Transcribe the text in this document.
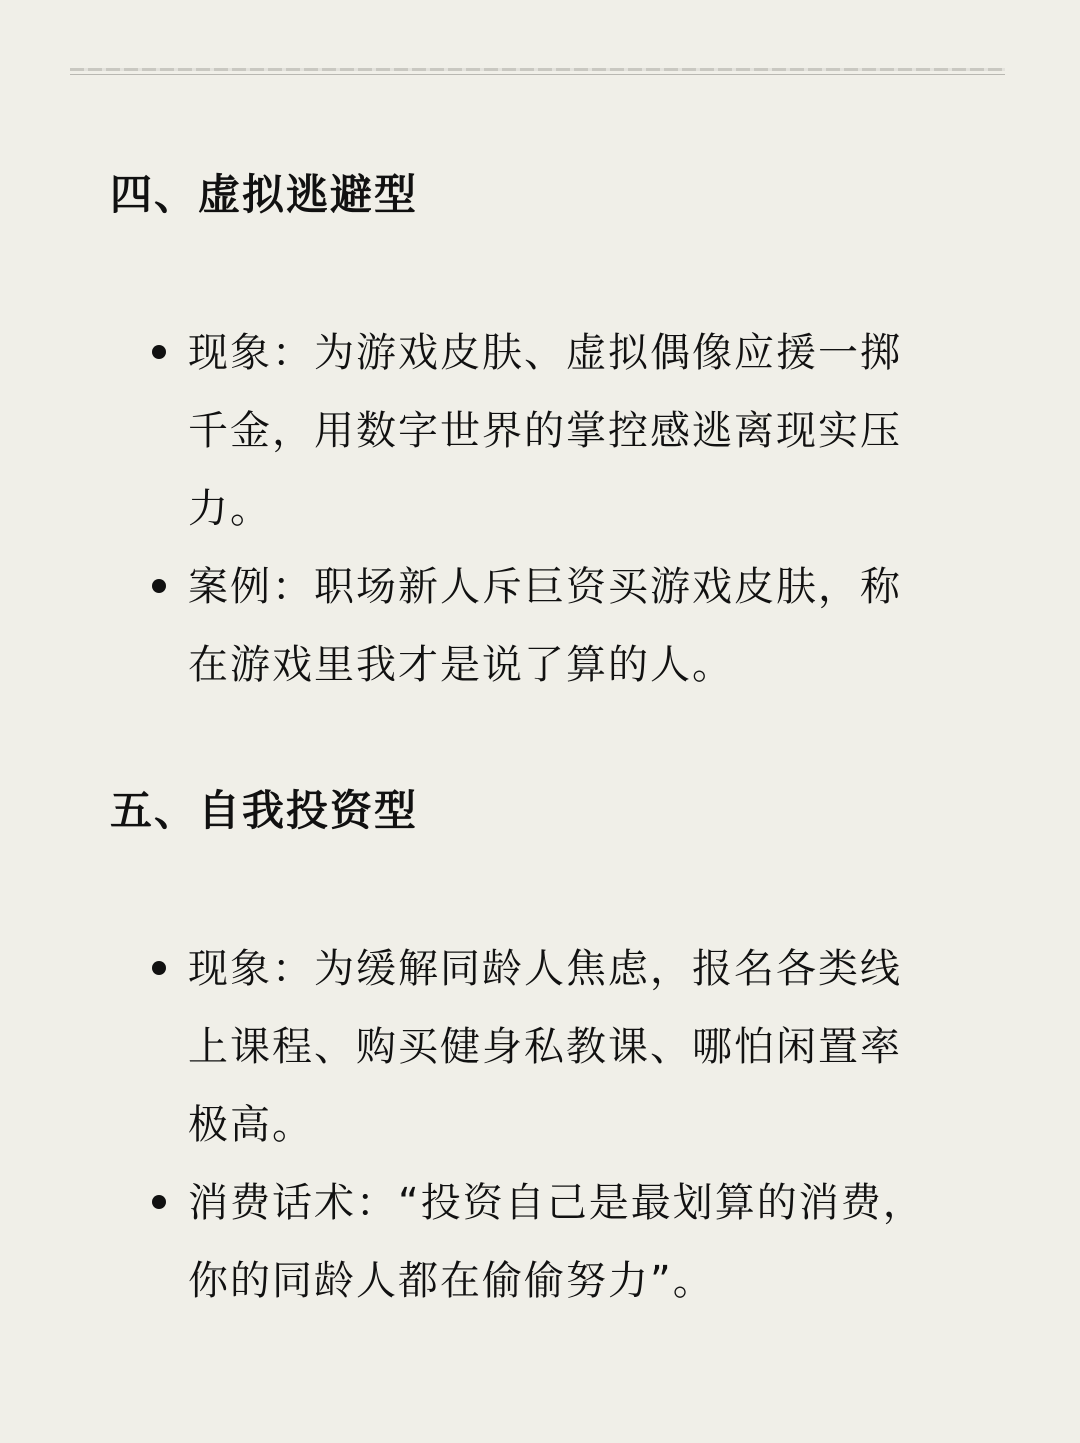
四、虚拟逃避型
现象：为游戏皮肤、虚拟偶像应援一掷千金，用数字世界的掌控感逃离现实压力。
案例：职场新人斥巨资买游戏皮肤，称在游戏里我才是说了算的人。
五、自我投资型
现象：为缓解同龄人焦虑，报名各类线上课程、购买健身私教课、哪怕闲置率极高。
消费话术：“投资自己是最划算的消费，你的同龄人都在偷偷努力”。
